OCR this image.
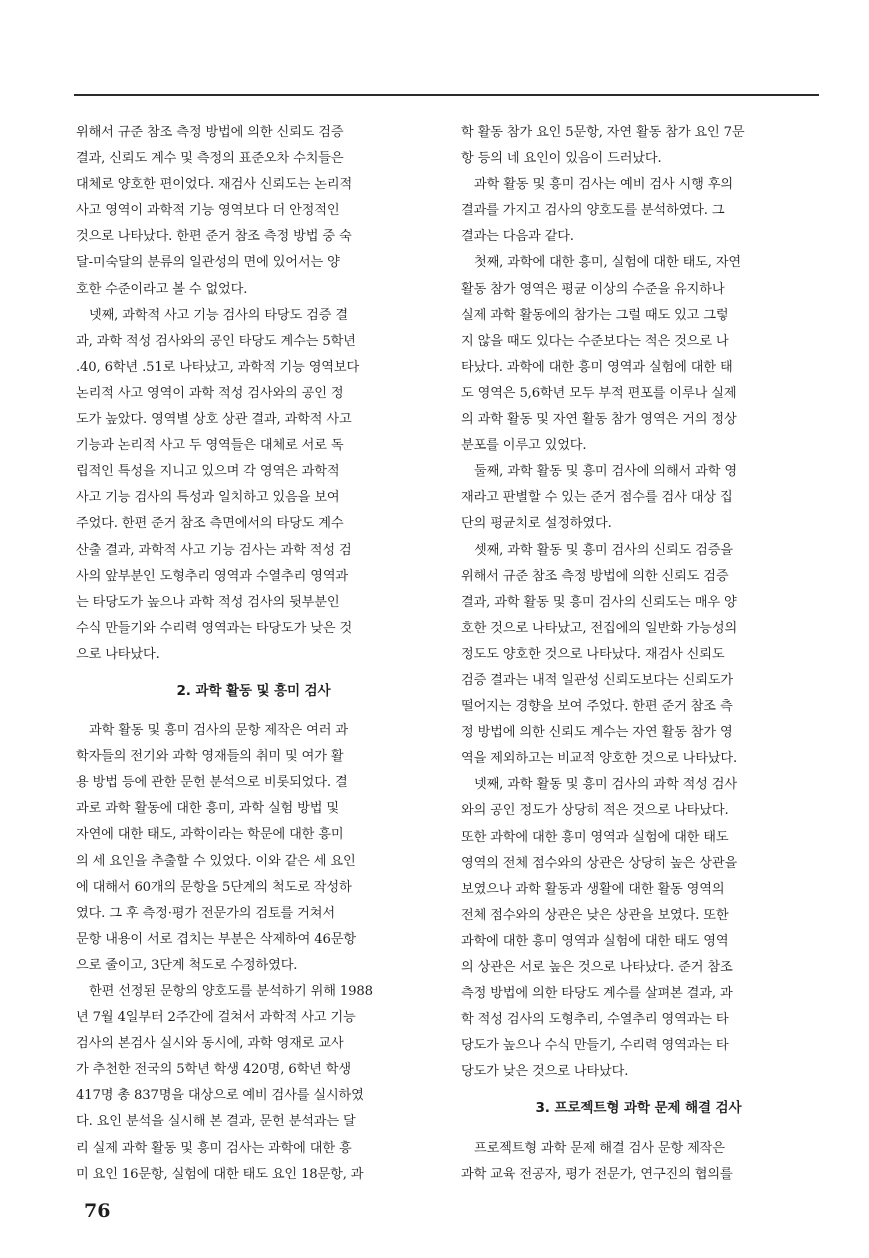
위해서 규준 참조 측정 방법에 의한 신뢰도 검증
결과, 신뢰도 계수 및 측정의 표준오차 수치들은
대체로 양호한 편이었다. 재검사 신뢰도는 논리적
사고 영역이 과학적 기능 영역보다 더 안정적인
것으로 나타났다. 한편 준거 참조 측정 방법 중 숙
달-미숙달의 분류의 일관성의 면에 있어서는 양
호한 수준이라고 볼 수 없었다.
넷째, 과학적 사고 기능 검사의 타당도 검증 결
과, 과학 적성 검사와의 공인 타당도 계수는 5학년
.40, 6학년 .51로 나타났고, 과학적 기능 영역보다
논리적 사고 영역이 과학 적성 검사와의 공인 정
도가 높았다. 영역별 상호 상관 결과, 과학적 사고
기능과 논리적 사고 두 영역들은 대체로 서로 독
립적인 특성을 지니고 있으며 각 영역은 과학적
사고 기능 검사의 특성과 일치하고 있음을 보여
주었다. 한편 준거 참조 측면에서의 타당도 계수
산출 결과, 과학적 사고 기능 검사는 과학 적성 검
사의 앞부분인 도형추리 영역과 수열추리 영역과
는 타당도가 높으나 과학 적성 검사의 뒷부분인
수식 만들기와 수리력 영역과는 타당도가 낮은 것
으로 나타났다.
2. 과학 활동 및 흥미 검사
과학 활동 및 흥미 검사의 문항 제작은 여러 과
학자들의 전기와 과학 영재들의 취미 및 여가 활
용 방법 등에 관한 문헌 분석으로 비롯되었다. 결
과로 과학 활동에 대한 흥미, 과학 실험 방법 및
자연에 대한 태도, 과학이라는 학문에 대한 흥미
의 세 요인을 추출할 수 있었다. 이와 같은 세 요인
에 대해서 60개의 문항을 5단계의 척도로 작성하
였다. 그 후 측정·평가 전문가의 검토를 거쳐서
문항 내용이 서로 겹치는 부분은 삭제하여 46문항
으로 줄이고, 3단계 척도로 수정하였다.
한편 선정된 문항의 양호도를 분석하기 위해 1988
년 7월 4일부터 2주간에 걸쳐서 과학적 사고 기능
검사의 본검사 실시와 동시에, 과학 영재로 교사
가 추천한 전국의 5학년 학생 420명, 6학년 학생
417명 총 837명을 대상으로 예비 검사를 실시하였
다. 요인 분석을 실시해 본 결과, 문헌 분석과는 달
리 실제 과학 활동 및 흥미 검사는 과학에 대한 흥
미 요인 16문항, 실험에 대한 태도 요인 18문항, 과
학 활동 참가 요인 5문항, 자연 활동 참가 요인 7문
항 등의 네 요인이 있음이 드러났다.
과학 활동 및 흥미 검사는 예비 검사 시행 후의
결과를 가지고 검사의 양호도를 분석하였다. 그
결과는 다음과 같다.
첫째, 과학에 대한 흥미, 실험에 대한 태도, 자연
활동 참가 영역은 평균 이상의 수준을 유지하나
실제 과학 활동에의 참가는 그럴 때도 있고 그렇
지 않을 때도 있다는 수준보다는 적은 것으로 나
타났다. 과학에 대한 흥미 영역과 실험에 대한 태
도 영역은 5,6학년 모두 부적 편포를 이루나 실제
의 과학 활동 및 자연 활동 참가 영역은 거의 정상
분포를 이루고 있었다.
둘째, 과학 활동 및 흥미 검사에 의해서 과학 영
재라고 판별할 수 있는 준거 점수를 검사 대상 집
단의 평균치로 설정하였다.
셋째, 과학 활동 및 흥미 검사의 신뢰도 검증을
위해서 규준 참조 측정 방법에 의한 신뢰도 검증
결과, 과학 활동 및 흥미 검사의 신뢰도는 매우 양
호한 것으로 나타났고, 전집에의 일반화 가능성의
정도도 양호한 것으로 나타났다. 재검사 신뢰도
검증 결과는 내적 일관성 신뢰도보다는 신뢰도가
떨어지는 경향을 보여 주었다. 한편 준거 참조 측
정 방법에 의한 신뢰도 계수는 자연 활동 참가 영
역을 제외하고는 비교적 양호한 것으로 나타났다.
넷째, 과학 활동 및 흥미 검사의 과학 적성 검사
와의 공인 정도가 상당히 적은 것으로 나타났다.
또한 과학에 대한 흥미 영역과 실험에 대한 태도
영역의 전체 점수와의 상관은 상당히 높은 상관을
보였으나 과학 활동과 생활에 대한 활동 영역의
전체 점수와의 상관은 낮은 상관을 보였다. 또한
과학에 대한 흥미 영역과 실험에 대한 태도 영역
의 상관은 서로 높은 것으로 나타났다. 준거 참조
측정 방법에 의한 타당도 계수를 살펴본 결과, 과
학 적성 검사의 도형추리, 수열추리 영역과는 타
당도가 높으나 수식 만들기, 수리력 영역과는 타
당도가 낮은 것으로 나타났다.
3. 프로젝트형 과학 문제 해결 검사
프로젝트형 과학 문제 해결 검사 문항 제작은
과학 교육 전공자, 평가 전문가, 연구진의 협의를
76
